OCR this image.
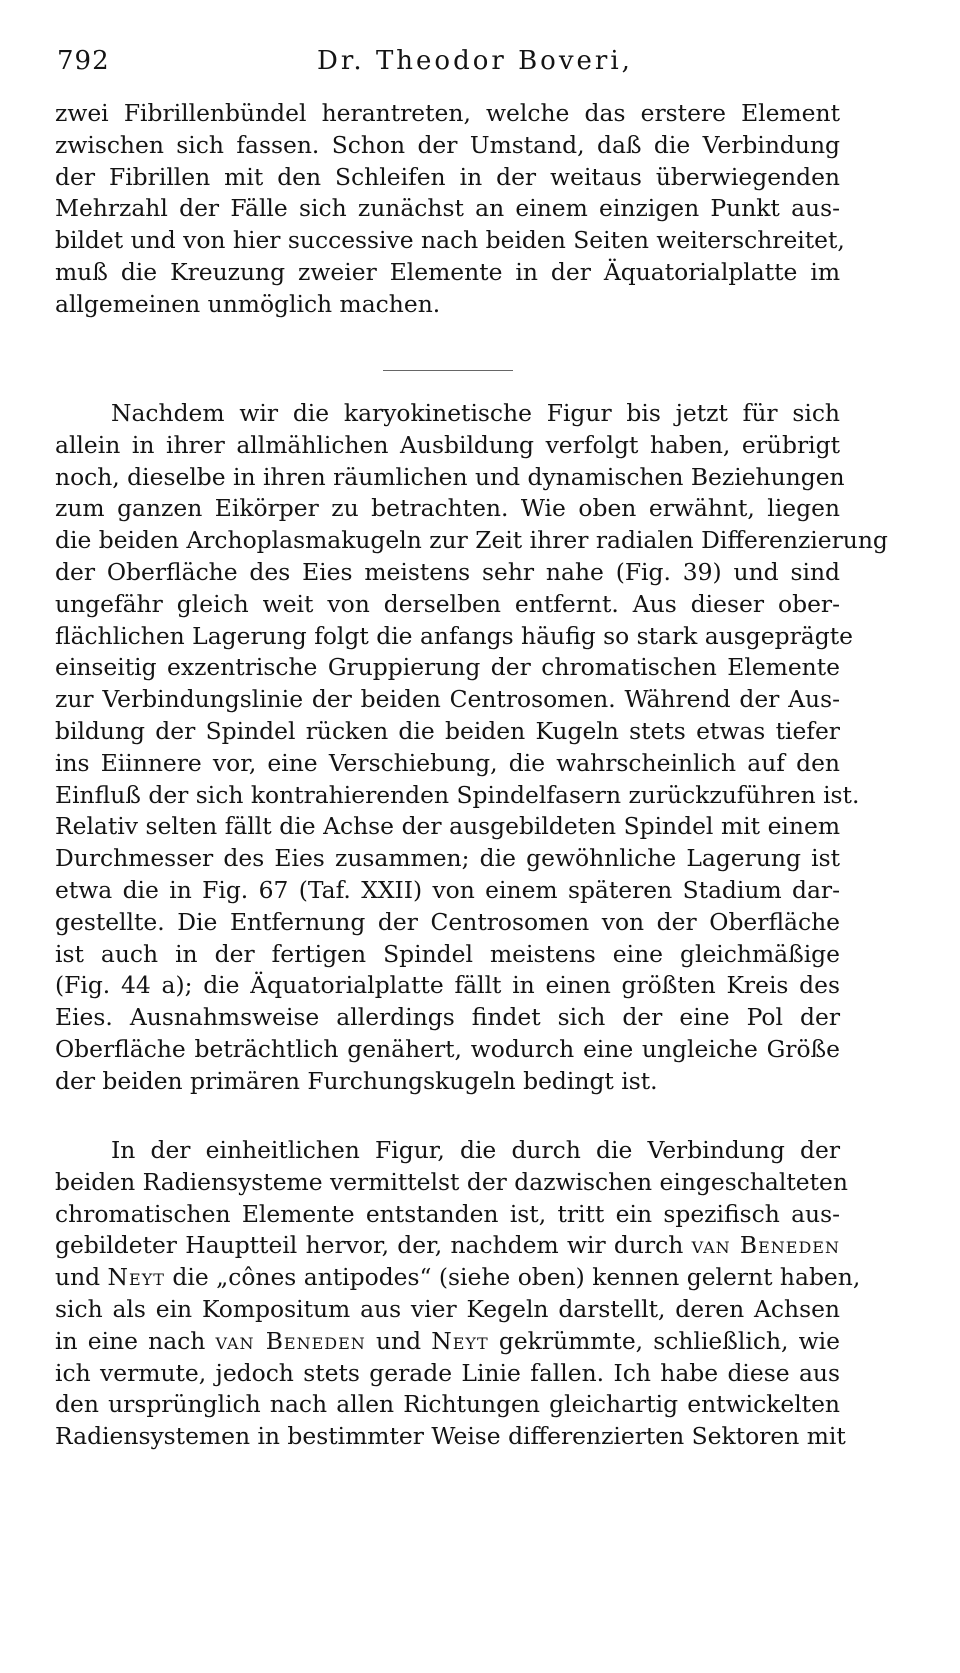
792	Dr. Theodor Boveri,
zwei Fibrillenbündel herantreten, welche das erstere Element
zwischen sich fassen. Schon der Umstand, daß die Verbindung
der Fibrillen mit den Schleifen in der weitaus überwiegenden
Mehrzahl der Fälle sich zunächst an einem einzigen Punkt aus-
bildet und von hier successive nach beiden Seiten weiterschreitet,
muß die Kreuzung zweier Elemente in der Äquatorialplatte im
allgemeinen unmöglich machen.
Nachdem wir die karyokinetische Figur bis jetzt für sich
allein in ihrer allmählichen Ausbildung verfolgt haben, erübrigt
noch, dieselbe in ihren räumlichen und dynamischen Beziehungen
zum ganzen Eikörper zu betrachten. Wie oben erwähnt, liegen
die beiden Archoplasmakugeln zur Zeit ihrer radialen Differenzierung
der Oberfläche des Eies meistens sehr nahe (Fig. 39) und sind
ungefähr gleich weit von derselben entfernt. Aus dieser ober-
flächlichen Lagerung folgt die anfangs häufig so stark ausgeprägte
einseitig exzentrische Gruppierung der chromatischen Elemente
zur Verbindungslinie der beiden Centrosomen. Während der Aus-
bildung der Spindel rücken die beiden Kugeln stets etwas tiefer
ins Eiinnere vor, eine Verschiebung, die wahrscheinlich auf den
Einfluß der sich kontrahierenden Spindelfasern zurückzuführen ist.
Relativ selten fällt die Achse der ausgebildeten Spindel mit einem
Durchmesser des Eies zusammen; die gewöhnliche Lagerung ist
etwa die in Fig. 67 (Taf. XXII) von einem späteren Stadium dar-
gestellte. Die Entfernung der Centrosomen von der Oberfläche
ist auch in der fertigen Spindel meistens eine gleichmäßige
(Fig. 44 a); die Äquatorialplatte fällt in einen größten Kreis des
Eies. Ausnahmsweise allerdings findet sich der eine Pol der
Oberfläche beträchtlich genähert, wodurch eine ungleiche Größe
der beiden primären Furchungskugeln bedingt ist.
In der einheitlichen Figur, die durch die Verbindung der
beiden Radiensysteme vermittelst der dazwischen eingeschalteten
chromatischen Elemente entstanden ist, tritt ein spezifisch aus-
gebildeter Hauptteil hervor, der, nachdem wir durch van Beneden
und Neyt die „cônes antipodes“ (siehe oben) kennen gelernt haben,
sich als ein Kompositum aus vier Kegeln darstellt, deren Achsen
in eine nach van Beneden und Neyt gekrümmte, schließlich, wie
ich vermute, jedoch stets gerade Linie fallen. Ich habe diese aus
den ursprünglich nach allen Richtungen gleichartig entwickelten
Radiensystemen in bestimmter Weise differenzierten Sektoren mit
